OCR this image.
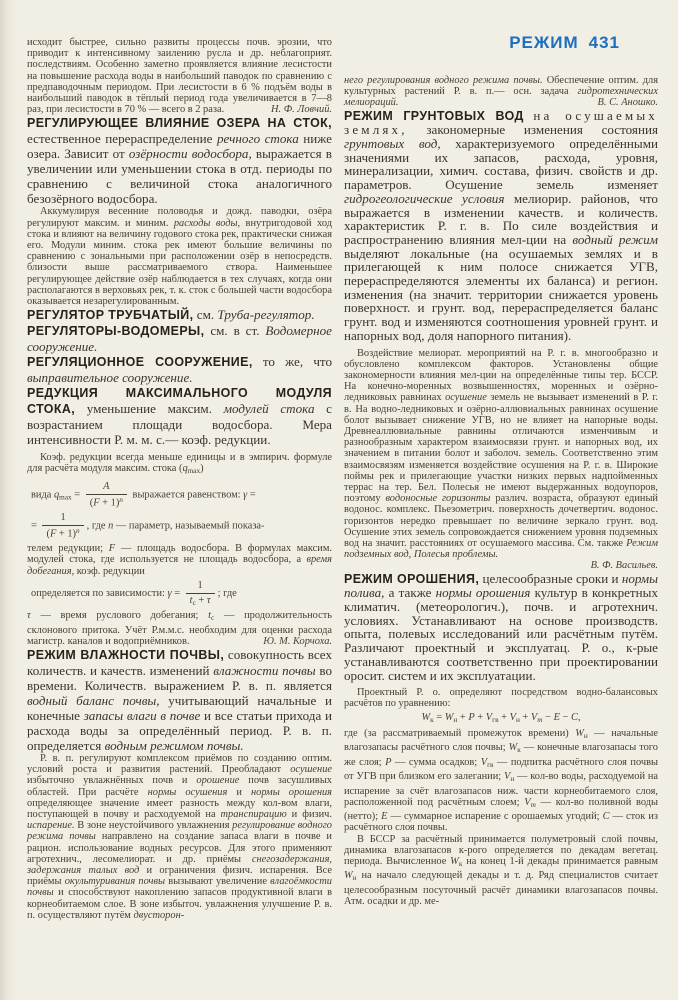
РЕЖИМ 431

исходит быстрее, сильно развиты процессы почв. эрозии, что приводит к интенсивному заилению русла и др. неблагоприят. последствиям. Особенно заметно проявляется влияние лесистости на повышение расхода воды в наибольший паводок по сравнению с предпаводочным периодом. При лесистости в 6 % подъём воды в наибольший паводок в тёплый период года увеличивается в 7—8 раз, при лесистости в 70 % — всего в 2 раза.	Н. Ф. Ловчий.

РЕГУЛИРУЮЩЕЕ ВЛИЯНИЕ ОЗЕРА НА СТОК, естественное перераспределение речного стока ниже озера. Зависит от озёрности водосбора, выражается в увеличении или уменьшении стока в отд. периоды по сравнению с величиной стока аналогичного безозёрного водосбора.

Аккумулируя весенние половодья и дожд. паводки, озёра регулируют максим. и миним. расходы воды, внутригодовой ход стока и влияют на величину годового стока рек, практически снижая его. Модули миним. стока рек имеют большие величины по сравнению с зональными при расположении озёр в непосредств. близости выше рассматриваемого створа. Наименьшее регулирующее действие озёр наблюдается в тех случаях, когда они располагаются в верховьях рек, т. к. сток с большей части водосбора оказывается незарегулированным.

РЕГУЛЯТОР ТРУБЧАТЫЙ, см. Труба-регулятор.

РЕГУЛЯТОРЫ-ВОДОМЕРЫ, см. в ст. Водомерное сооружение.

РЕГУЛЯЦИОННОЕ СООРУЖЕНИЕ, то же, что выправительное сооружение.

РЕДУКЦИЯ МАКСИМАЛЬНОГО МОДУЛЯ СТОКА, уменьшение максим. модулей стока с возрастанием площади водосбора. Мера интенсивности Р. м. м. с.— коэф. редукции.

Коэф. редукции всегда меньше единицы и в эмпирич. формуле для расчёта модуля максим. стока $(q_{max})$

вида $q_{max} = \frac{A}{(F + 1)^n}$ выражается равенством: γ =

= $\frac{1}{(F + 1)^n}$ , где n — параметр, называемый показа-

телем редукции; F — площадь водосбора. В формулах максим. модулей стока, где используется не площадь водосбора, а время добегания, коэф. редукции

определяется по зависимости: $\gamma = \frac{1}{t_с + \tau}$ ; где

τ — время руслового добегания; $t_с$ — продолжительность склонового притока. Учёт Р.м.м.с. необходим для оценки расхода магистр. каналов и водоприёмников.	Ю. М. Корчоха.

РЕЖИМ ВЛАЖНОСТИ ПОЧВЫ, совокупность всех количеств. и качеств. изменений влажности почвы во времени. Количеств. выражением Р. в. п. является водный баланс почвы, учитывающий начальные и конечные запасы влаги в почве и все статьи прихода и расхода воды за определённый период. Р. в. п. определяется водным режимом почвы.

Р. в. п. регулируют комплексом приёмов по созданию оптим. условий роста и развития растений. Преобладают осушение избыточно увлажнённых почв и орошение почв засушливых областей. При расчёте нормы осушения и нормы орошения определяющее значение имеет разность между кол-вом влаги, поступающей в почву и расходуемой на транспирацию и физич. испарение. В зоне неустойчивого увлажнения регулирование водного режима почвы направлено на создание запаса влаги в почве и рацион. использование водных ресурсов. Для этого применяют агротехнич., лесомелиорат. и др. приёмы снегозадержания, задержания талых вод и ограничения физич. испарения. Все приёмы окультуривания почвы вызывают увеличение влагоёмкости почвы и способствуют накоплению запасов продуктивной влаги в корнеобитаемом слое. В зоне избыточ. увлажнения улучшение Р. в. п. осуществляют путём двусторон-

него регулирования водного режима почвы. Обеспечение оптим. для культурных растений Р. в. п.— осн. задача гидротехнических мелиораций.	В. С. Аношко.

РЕЖИМ ГРУНТОВЫХ ВОД на осушаемых землях, закономерные изменения состояния грунтовых вод, характеризуемого определёнными значениями их запасов, расхода, уровня, минерализации, химич. состава, физич. свойств и др. параметров. Осушение земель изменяет гидрогеологические условия мелиорир. районов, что выражается в изменении качеств. и количеств. характеристик Р. г. в. По силе воздействия и распространению влияния мел-ции на водный режим выделяют локальные (на осушаемых землях и в прилегающей к ним полосе снижается УГВ, перераспределяются элементы их баланса) и регион. изменения (на значит. территории снижается уровень поверхност. и грунт. вод, перераспределяется баланс грунт. вод и изменяются соотношения уровней грунт. и напорных вод, доля напорного питания).

Воздействие мелиорат. мероприятий на Р. г. в. многообразно и обусловлено комплексом факторов. Установлены общие закономерности влияния мел-ции на определённые типы тер. БССР. На конечно-моренных возвышенностях, моренных и озёрно-ледниковых равнинах осушение земель не вызывает изменений в Р. г. в. На водно-ледниковых и озёрно-аллювиальных равнинах осушение болот вызывает снижение УГВ, но не влияет на напорные воды. Древнеаллювиальные равнины отличаются изменчивым и разнообразным характером взаимосвязи грунт. и напорных вод, их значением в питании болот и заболоч. земель. Соответственно этим взаимосвязям изменяется воздействие осушения на Р. г. в. Широкие поймы рек и прилегающие участки низких первых надпойменных террас на тер. Бел. Полесья не имеют выдержанных водоупоров, поэтому водоносные горизонты различ. возраста, образуют единый водонос. комплекс. Пьезометрич. поверхность дочетвертич. водонос. горизонтов нередко превышает по величине зеркало грунт. вод. Осушение этих земель сопровождается снижением уровня подземных вод на значит. расстояниях от осушаемого массива. См. также Режим подземных вод, Полесья проблемы.

В. Ф. Васильев.

РЕЖИМ ОРОШЕНИЯ, целесообразные сроки и нормы полива, а также нормы орошения культур в конкретных климатич. (метеорологич.), почв. и агротехнич. условиях. Устанавливают на основе производств. опыта, полевых исследований или расчётным путём. Различают проектный и эксплуатац. Р. о., к-рые устанавливаются соответственно при проектировании оросит. систем и их эксплуатации.

Проектный Р. о. определяют посредством водно-балансовых расчётов по уравнению:

$W_к = W_н + P + V_{гв} + V_н + V_m - E - C$,

где (за рассматриваемый промежуток времени) $W_н$ — начальные влагозапасы расчётного слоя почвы; $W_к$ — конечные влагозапасы того же слоя; P — сумма осадков; $V_{гв}$ — подпитка расчётного слоя почвы от УГВ при близком его залегании; $V_н$ — кол-во воды, расходуемой на испарение за счёт влагозапасов ниж. части корнеобитаемого слоя, расположенной под расчётным слоем; $V_m$ — кол-во поливной воды (нетто); E — суммарное испарение с орошаемых угодий; C — сток из расчётного слоя почвы.

В БССР за расчётный принимается полуметровый слой почвы, динамика влагозапасов к-рого определяется по декадам вегетац. периода. Вычисленное $W_к$ на конец 1-й декады принимается равным $W_н$ на начало следующей декады и т. д. Ряд специалистов считает целесообразным посуточный расчёт динамики влагозапасов почвы. Атм. осадки и др. ме-
